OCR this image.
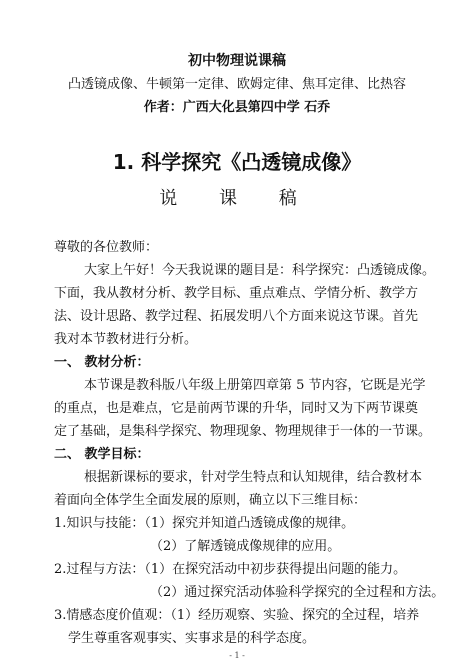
初中物理说课稿
凸透镜成像、牛顿第一定律、欧姆定律、焦耳定律、比热容
作者：广西大化县第四中学 石乔
1. 科学探究《凸透镜成像》
说 课 稿
尊敬的各位教师：
大家上午好！今天我说课的题目是：科学探究：凸透镜成像。
下面，我从教材分析、教学目标、重点难点、学情分析、教学方
法、设计思路、教学过程、拓展发明八个方面来说这节课。首先
我对本节教材进行分析。
一、 教材分析：
本节课是教科版八年级上册第四章第 5 节内容，它既是光学
的重点，也是难点，它是前两节课的升华，同时又为下两节课奠
定了基础，是集科学探究、物理现象、物理规律于一体的一节课。
二、 教学目标：
根据新课标的要求，针对学生特点和认知规律，结合教材本
着面向全体学生全面发展的原则，确立以下三维目标：
1.知识与技能：（1）探究并知道凸透镜成像的规律。
（2）了解透镜成像规律的应用。
2.过程与方法：（1）在探究活动中初步获得提出问题的能力。
（2）通过探究活动体验科学探究的全过程和方法。
3.情感态度价值观：（1）经历观察、实验、探究的全过程，培养
学生尊重客观事实、实事求是的科学态度。
- 1 -
